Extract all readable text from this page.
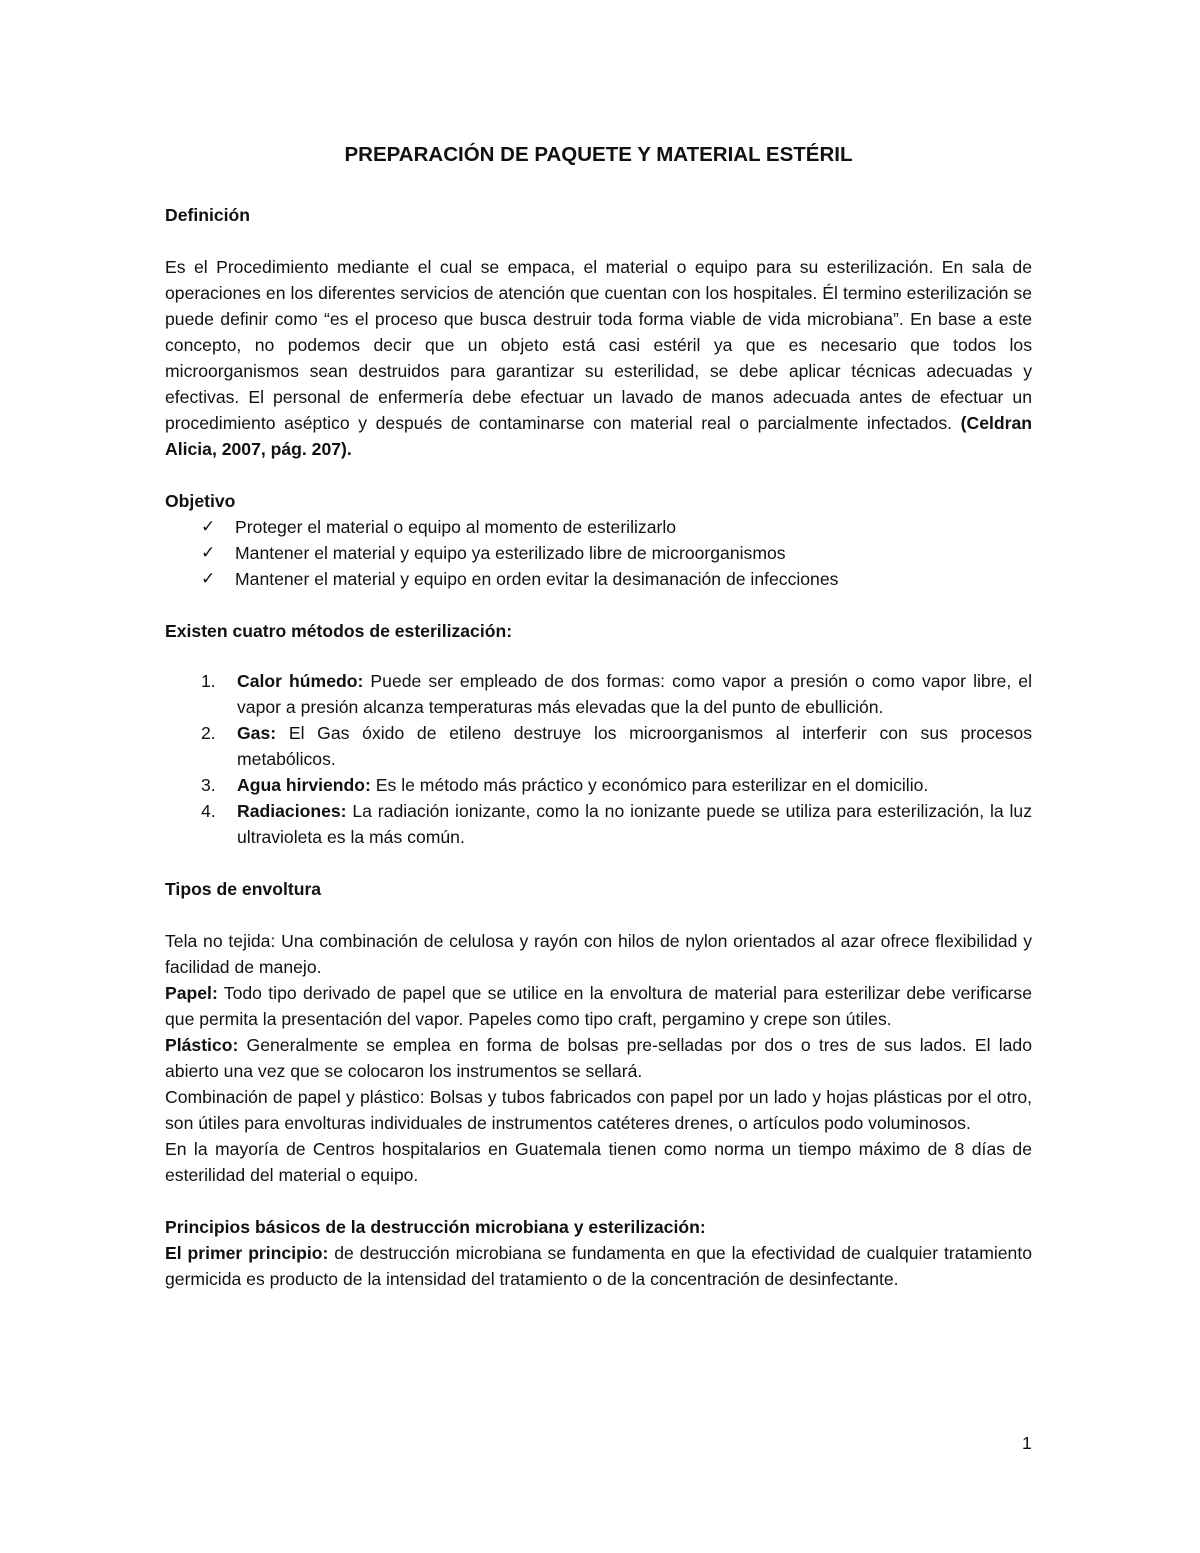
PREPARACIÓN DE PAQUETE Y MATERIAL ESTÉRIL

Definición

Es el Procedimiento mediante el cual se empaca, el material o equipo para su esterilización. En sala de operaciones en los diferentes servicios de atención que cuentan con los hospitales. Él termino esterilización se puede definir como “es el proceso que busca destruir toda forma viable de vida microbiana”. En base a este concepto, no podemos decir que un objeto está casi estéril ya que es necesario que todos los microorganismos sean destruidos para garantizar su esterilidad, se debe aplicar técnicas adecuadas y efectivas. El personal de enfermería debe efectuar un lavado de manos adecuada antes de efectuar un procedimiento aséptico y después de contaminarse con material real o parcialmente infectados. (Celdran Alicia, 2007, pág. 207).

Objetivo

✓ Proteger el material o equipo al momento de esterilizarlo
✓ Mantener el material y equipo ya esterilizado libre de microorganismos
✓ Mantener el material y equipo en orden evitar la desimanación de infecciones

Existen cuatro métodos de esterilización:

1. Calor húmedo: Puede ser empleado de dos formas: como vapor a presión o como vapor libre, el vapor a presión alcanza temperaturas más elevadas que la del punto de ebullición.
2. Gas: El Gas óxido de etileno destruye los microorganismos al interferir con sus procesos metabólicos.
3. Agua hirviendo: Es le método más práctico y económico para esterilizar en el domicilio.
4. Radiaciones: La radiación ionizante, como la no ionizante puede se utiliza para esterilización, la luz ultravioleta es la más común.

Tipos de envoltura

Tela no tejida: Una combinación de celulosa y rayón con hilos de nylon orientados al azar ofrece flexibilidad y facilidad de manejo.

Papel: Todo tipo derivado de papel que se utilice en la envoltura de material para esterilizar debe verificarse que permita la presentación del vapor. Papeles como tipo craft, pergamino y crepe son útiles.

Plástico: Generalmente se emplea en forma de bolsas pre-selladas por dos o tres de sus lados. El lado abierto una vez que se colocaron los instrumentos se sellará.

Combinación de papel y plástico: Bolsas y tubos fabricados con papel por un lado y hojas plásticas por el otro, son útiles para envolturas individuales de instrumentos catéteres drenes, o artículos podo voluminosos.

En la mayoría de Centros hospitalarios en Guatemala tienen como norma un tiempo máximo de 8 días de esterilidad del material o equipo.

Principios básicos de la destrucción microbiana y esterilización:

El primer principio: de destrucción microbiana se fundamenta en que la efectividad de cualquier tratamiento germicida es producto de la intensidad del tratamiento o de la concentración de desinfectante.

1
